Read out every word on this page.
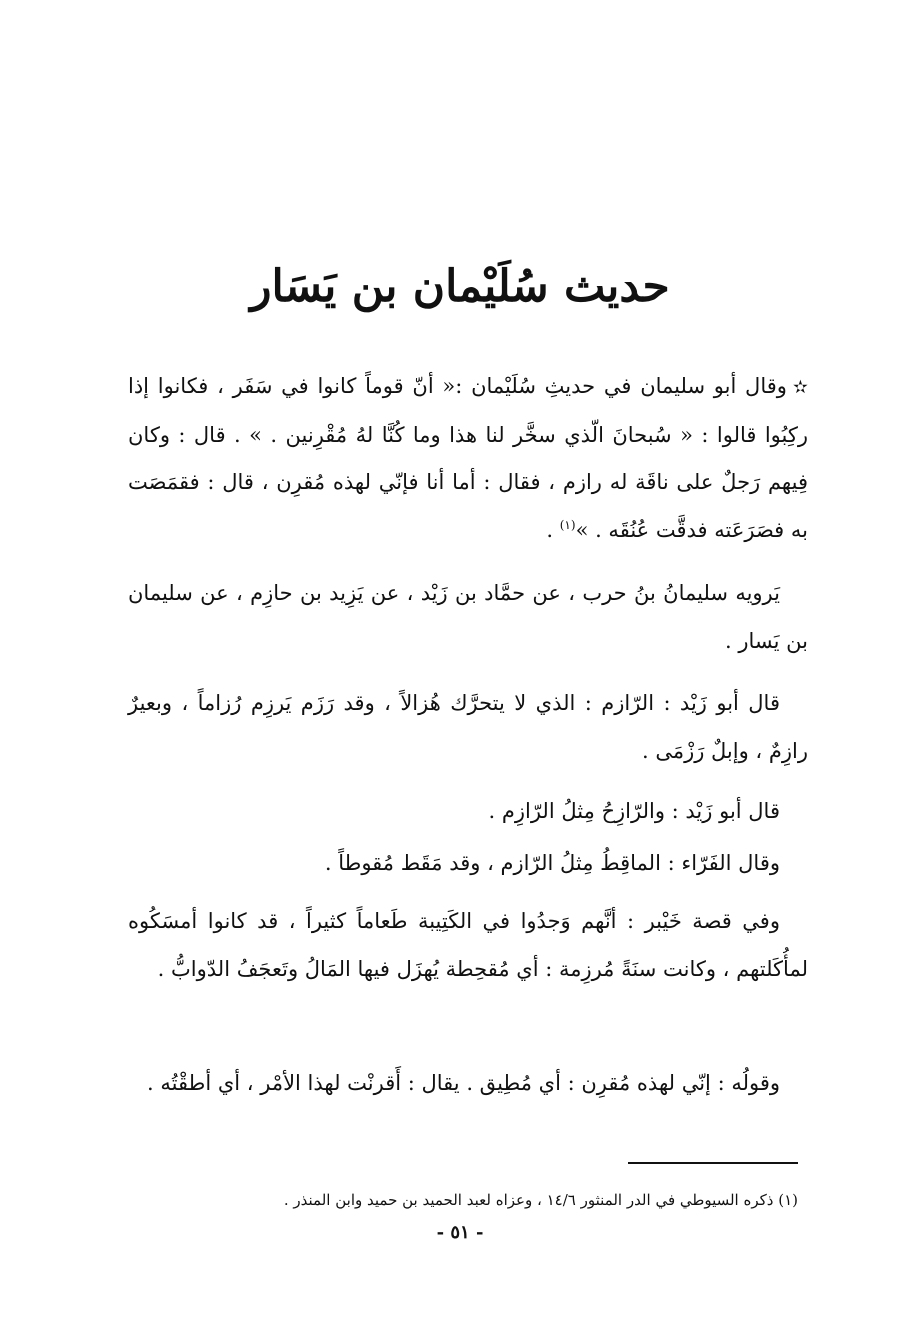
حديث سُلَيْمان بن يَسَار

✫وقال أبو سليمان في حديثِ سُلَيْمان :« أنّ قوماً كانوا في سَفَر ، فكانوا إذا ركِبُوا قالوا : « سُبحانَ الّذي سخَّر لنا هذا وما كُنَّا لهُ مُقْرِنين . » . قال : وكان فِيهم رَجلٌ على ناقَة له رازم ، فقال : أما أنا فإنّي لهذه مُقرِن ، قال : فقمَصَت به فصَرَعَته فدقَّت عُنُقَه . »$^{(١)}$ .

يَرويه سليمانُ بنُ حرب ، عن حمَّاد بن زَيْد ، عن يَزِيد بن حازِم ، عن سليمان بن يَسار .

قال أبو زَيْد : الرّازم : الذي لا يتحرَّك هُزالاً ، وقد رَزَم يَرزِم رُزاماً ، وبعيرٌ رازِمٌ ، وإبلٌ رَزْمَى .

قال أبو زَيْد : والرّازِحُ مِثلُ الرّازِم .

وقال الفَرّاء : الماقِطُ مِثلُ الرّازم ، وقد مَقَط مُقوطاً .

وفي قصة خَيْبر : أنَّهم وَجدُوا في الكَتِيبة طَعاماً كثيراً ، قد كانوا أمسَكُوه لمأُكَلتهم ، وكانت سنَةً مُرزِمة : أي مُقحِطة يُهزَل فيها المَالُ وتَعجَفُ الدّوابُّ .

وقولُه : إنّي لهذه مُقرِن : أي مُطِيق . يقال : أَقرنْت لهذا الأمْر ، أي أطقْتُه .

(١) ذكره السيوطي في الدر المنثور ١٤/٦ ، وعزاه لعبد الحميد بن حميد وابن المنذر .

- ٥١ -
